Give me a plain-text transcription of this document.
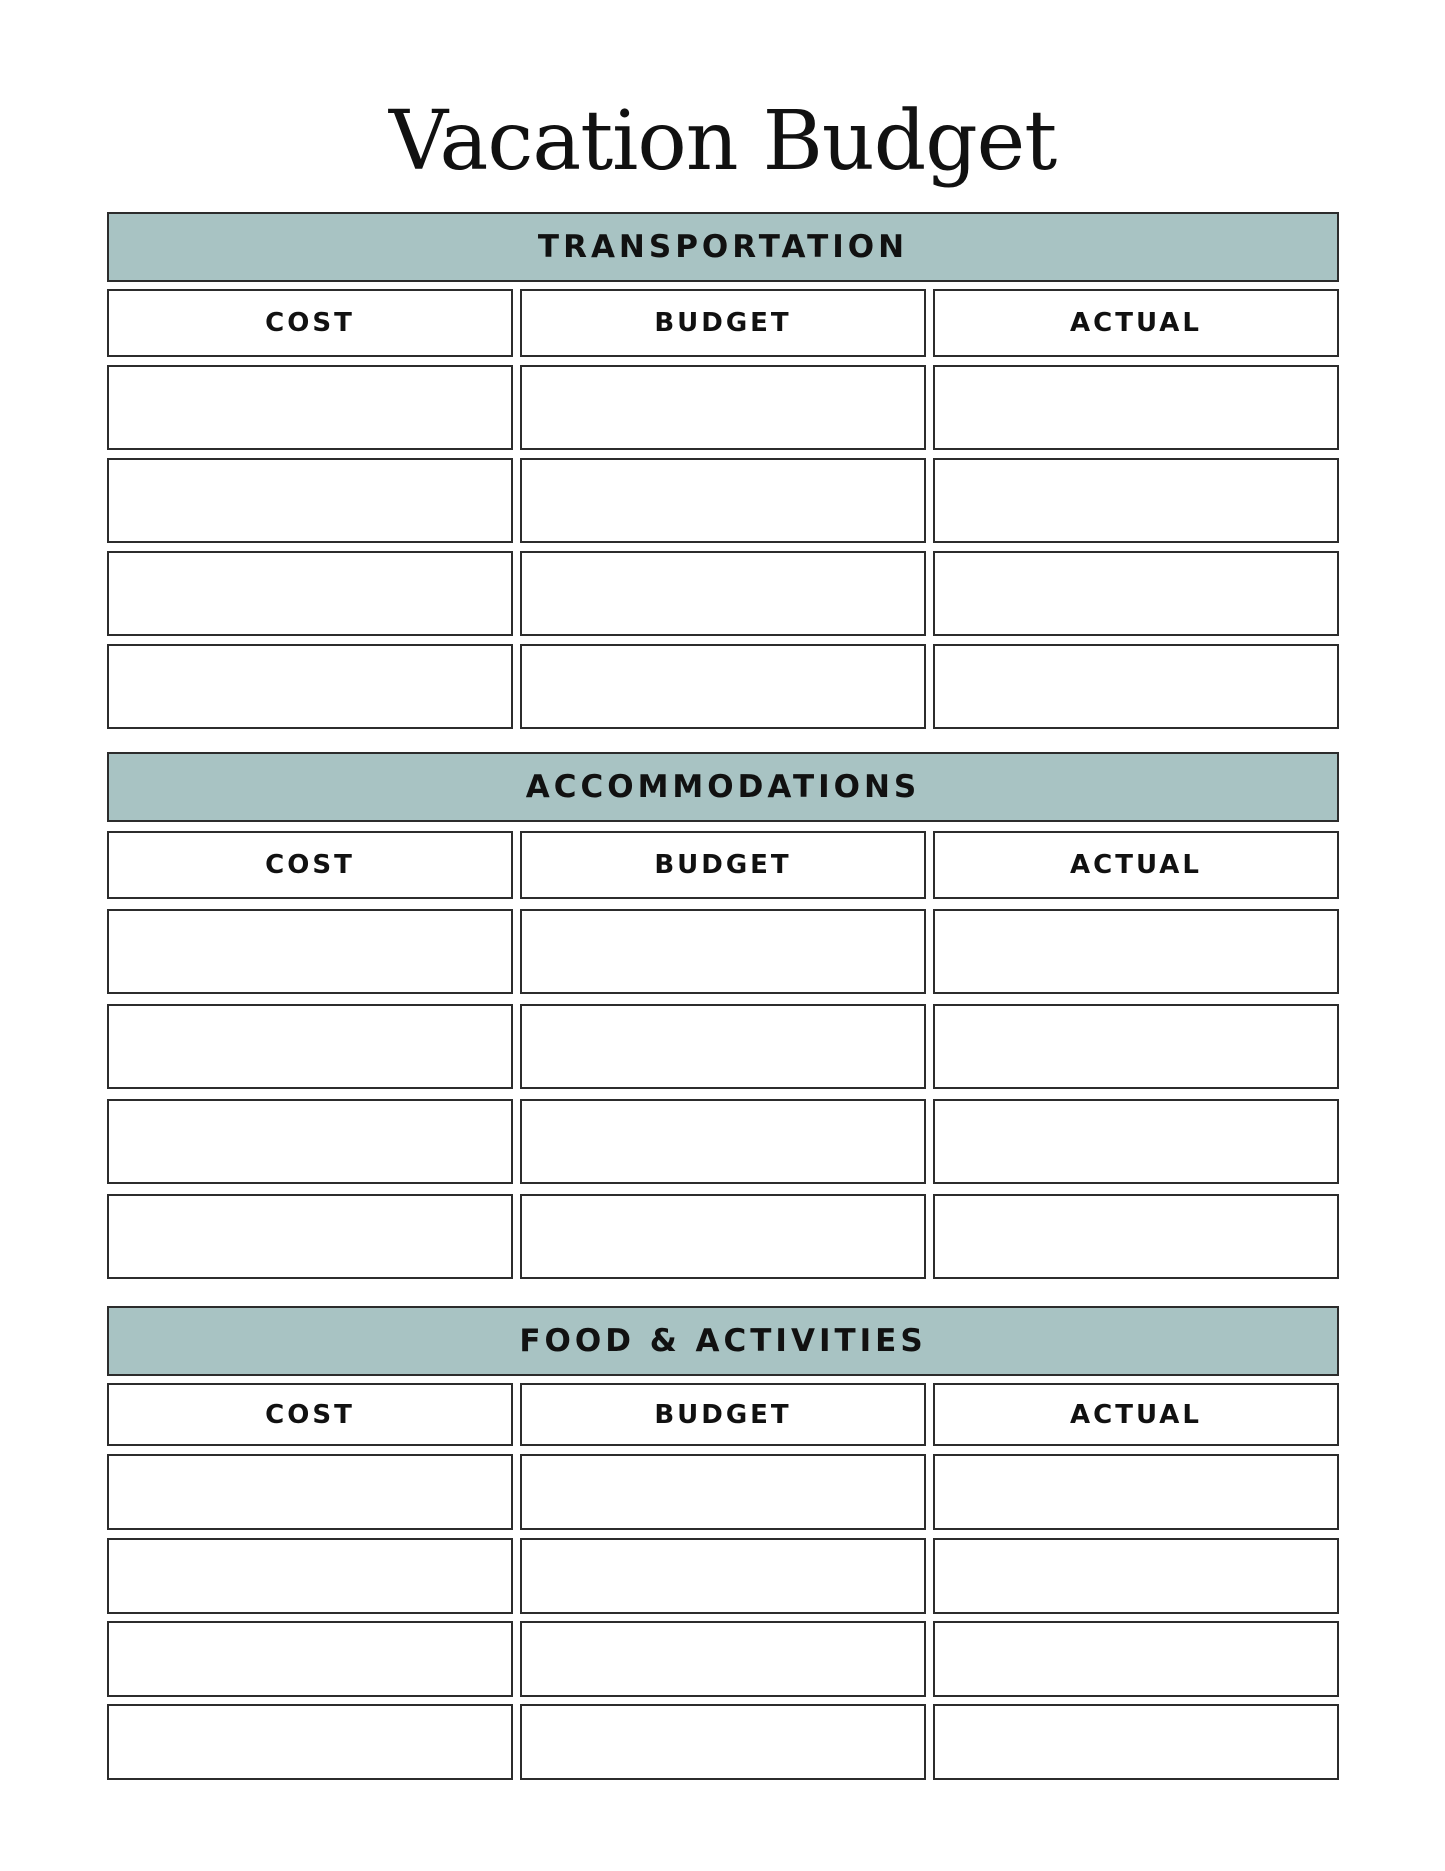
Vacation Budget
TRANSPORTATION
COST	BUDGET	ACTUAL
ACCOMMODATIONS
COST	BUDGET	ACTUAL
FOOD & ACTIVITIES
COST	BUDGET	ACTUAL
